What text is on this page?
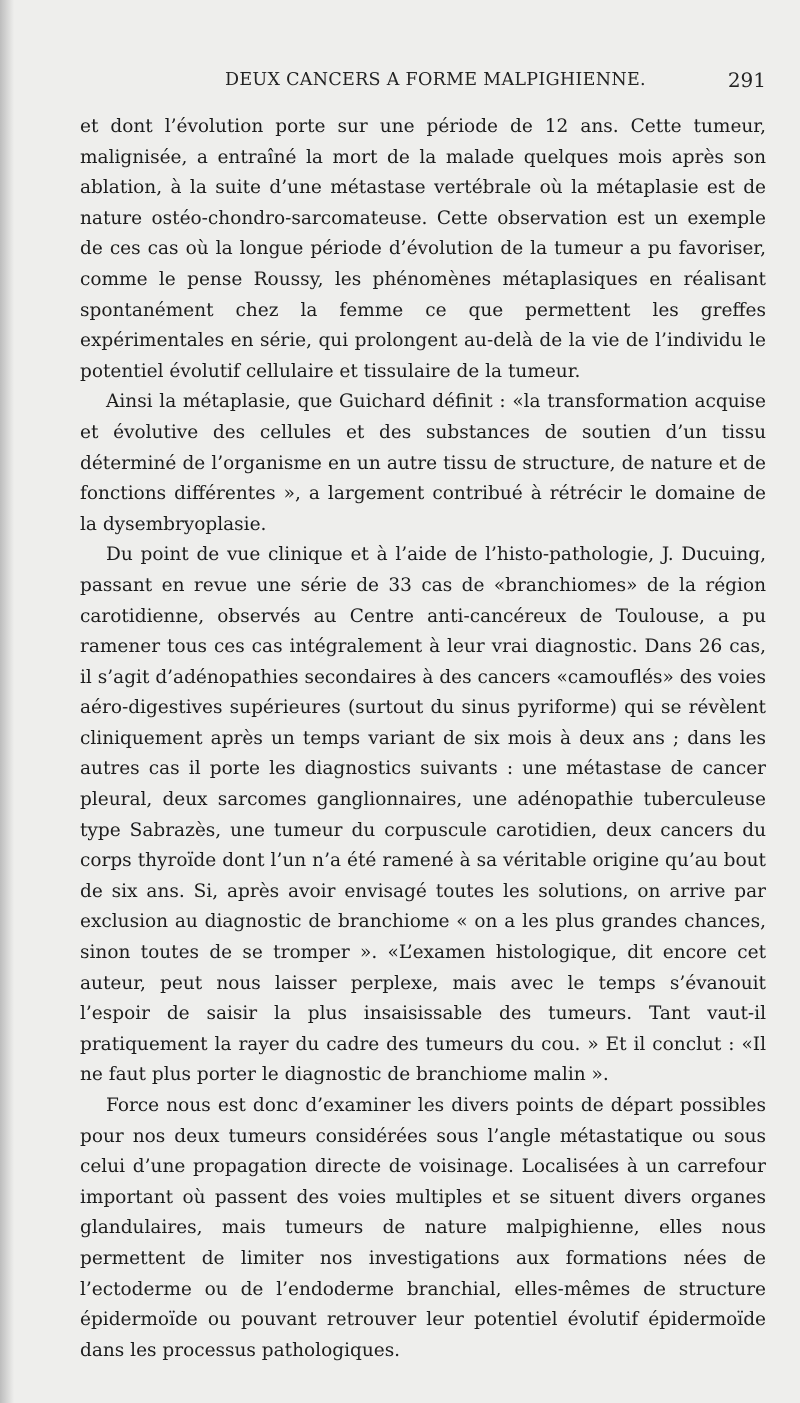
DEUX CANCERS A FORME MALPIGHIENNE.	291

et dont l’évolution porte sur une période de 12 ans. Cette tumeur, malignisée, a entraîné la mort de la malade quelques mois après son ablation, à la suite d’une métastase vertébrale où la métaplasie est de nature ostéo-chondro-sarcomateuse. Cette observation est un exemple de ces cas où la longue période d’évolution de la tumeur a pu favoriser, comme le pense Roussy, les phénomènes métaplasiques en réalisant spontanément chez la femme ce que permettent les greffes expérimentales en série, qui prolongent au-delà de la vie de l’individu le potentiel évolutif cellulaire et tissulaire de la tumeur.

Ainsi la métaplasie, que Guichard définit : «la transformation acquise et évolutive des cellules et des substances de soutien d’un tissu déterminé de l’organisme en un autre tissu de structure, de nature et de fonctions différentes », a largement contribué à rétrécir le domaine de la dysembryoplasie.

Du point de vue clinique et à l’aide de l’histo-pathologie, J. Ducuing, passant en revue une série de 33 cas de «branchiomes» de la région carotidienne, observés au Centre anti-cancéreux de Toulouse, a pu ramener tous ces cas intégralement à leur vrai diagnostic. Dans 26 cas, il s’agit d’adénopathies secondaires à des cancers «camouflés» des voies aéro-digestives supérieures (surtout du sinus pyriforme) qui se révèlent cliniquement après un temps variant de six mois à deux ans ; dans les autres cas il porte les diagnostics suivants : une métastase de cancer pleural, deux sarcomes ganglionnaires, une adénopathie tuberculeuse type Sabrazès, une tumeur du corpuscule carotidien, deux cancers du corps thyroïde dont l’un n’a été ramené à sa véritable origine qu’au bout de six ans. Si, après avoir envisagé toutes les solutions, on arrive par exclusion au diagnostic de branchiome « on a les plus grandes chances, sinon toutes de se tromper ». «L’examen histologique, dit encore cet auteur, peut nous laisser perplexe, mais avec le temps s’évanouit l’espoir de saisir la plus insaisissable des tumeurs. Tant vaut-il pratiquement la rayer du cadre des tumeurs du cou. » Et il conclut : «Il ne faut plus porter le diagnostic de branchiome malin ».

Force nous est donc d’examiner les divers points de départ possibles pour nos deux tumeurs considérées sous l’angle métastatique ou sous celui d’une propagation directe de voisinage. Localisées à un carrefour important où passent des voies multiples et se situent divers organes glandulaires, mais tumeurs de nature malpighienne, elles nous permettent de limiter nos investigations aux formations nées de l’ectoderme ou de l’endoderme branchial, elles-mêmes de structure épidermoïde ou pouvant retrouver leur potentiel évolutif épidermoïde dans les processus pathologiques.
